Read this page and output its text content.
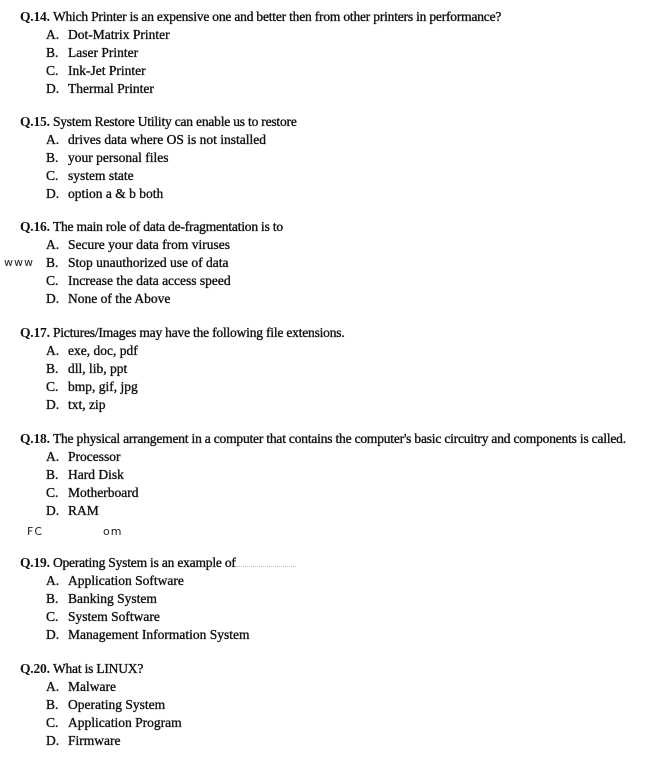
Q.14. Which Printer is an expensive one and better then from other printers in performance?
A. Dot-Matrix Printer
B. Laser Printer
C. Ink-Jet Printer
D. Thermal Printer
Q.15. System Restore Utility can enable us to restore
A. drives data where OS is not installed
B. your personal files
C. system state
D. option a & b both
Q.16. The main role of data de-fragmentation is to
A. Secure your data from viruses
B. Stop unauthorized use of data
C. Increase the data access speed
D. None of the Above
Q.17. Pictures/Images may have the following file extensions.
A. exe, doc, pdf
B. dll, lib, ppt
C. bmp, gif, jpg
D. txt, zip
Q.18. The physical arrangement in a computer that contains the computer's basic circuitry and components is called.
A. Processor
B. Hard Disk
C. Motherboard
D. RAM
Q.19. Operating System is an example of
A. Application Software
B. Banking System
C. System Software
D. Management Information System
Q.20. What is LINUX?
A. Malware
B. Operating System
C. Application Program
D. Firmware
www
FC	om
